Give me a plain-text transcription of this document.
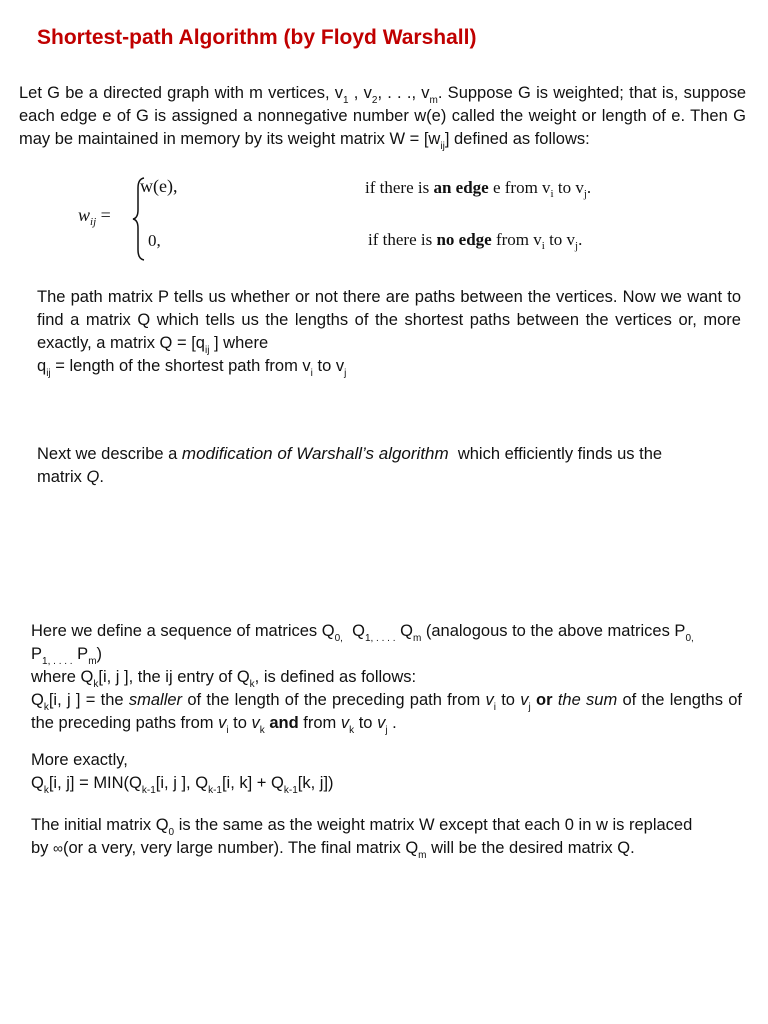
Shortest-path Algorithm (by Floyd Warshall)
Let G be a directed graph with m vertices, $v_1$ , $v_2$, . . ., $v_m$. Suppose G is weighted; that is, suppose each edge e of G is assigned a nonnegative number w(e) called the weight or length of e. Then G may be maintained in memory by its weight matrix $W = [w_{ij}]$ defined as follows:
$w_{ij}$ =
w(e),
0,
if there is an edge e from $v_i$ to $v_j$.
if there is no edge from $v_i$ to $v_j$.
The path matrix P tells us whether or not there are paths between the vertices. Now we want to find a matrix Q which tells us the lengths of the shortest paths between the vertices or, more exactly, a matrix $Q = [q_{ij}$ ] where
$q_{ij}$ = length of the shortest path from $v_i$ to $v_j$
Next we describe a modification of Warshall’s algorithm  which efficiently finds us the
matrix Q.
Here we define a sequence of matrices $Q_{0,}$  $Q_{1, . . . .}$ $Q_m$ (analogous to the above matrices $P_{0,}$
$P_{1, . . . .}$ $P_m$)
where $Q_k[i$, j ], the ij entry of $Q_k$, is defined as follows:
$Q_k[i$, j ] = the smaller of the length of the preceding path from $v_i$ to $v_j$ or the sum of the lengths of the preceding paths from $v_i$ to $v_k$ and from $v_k$ to $v_j$ .
More exactly,
$Q_k[i$, $j] = MIN(Q_{k-1}[i$, j ], $Q_{k-1}[i$, $k] + Q_{k-1}[k$, j])
The initial matrix $Q_0$ is the same as the weight matrix W except that each 0 in w is replaced
by ∞(or a very, very large number). The final matrix $Q_m$ will be the desired matrix Q.
